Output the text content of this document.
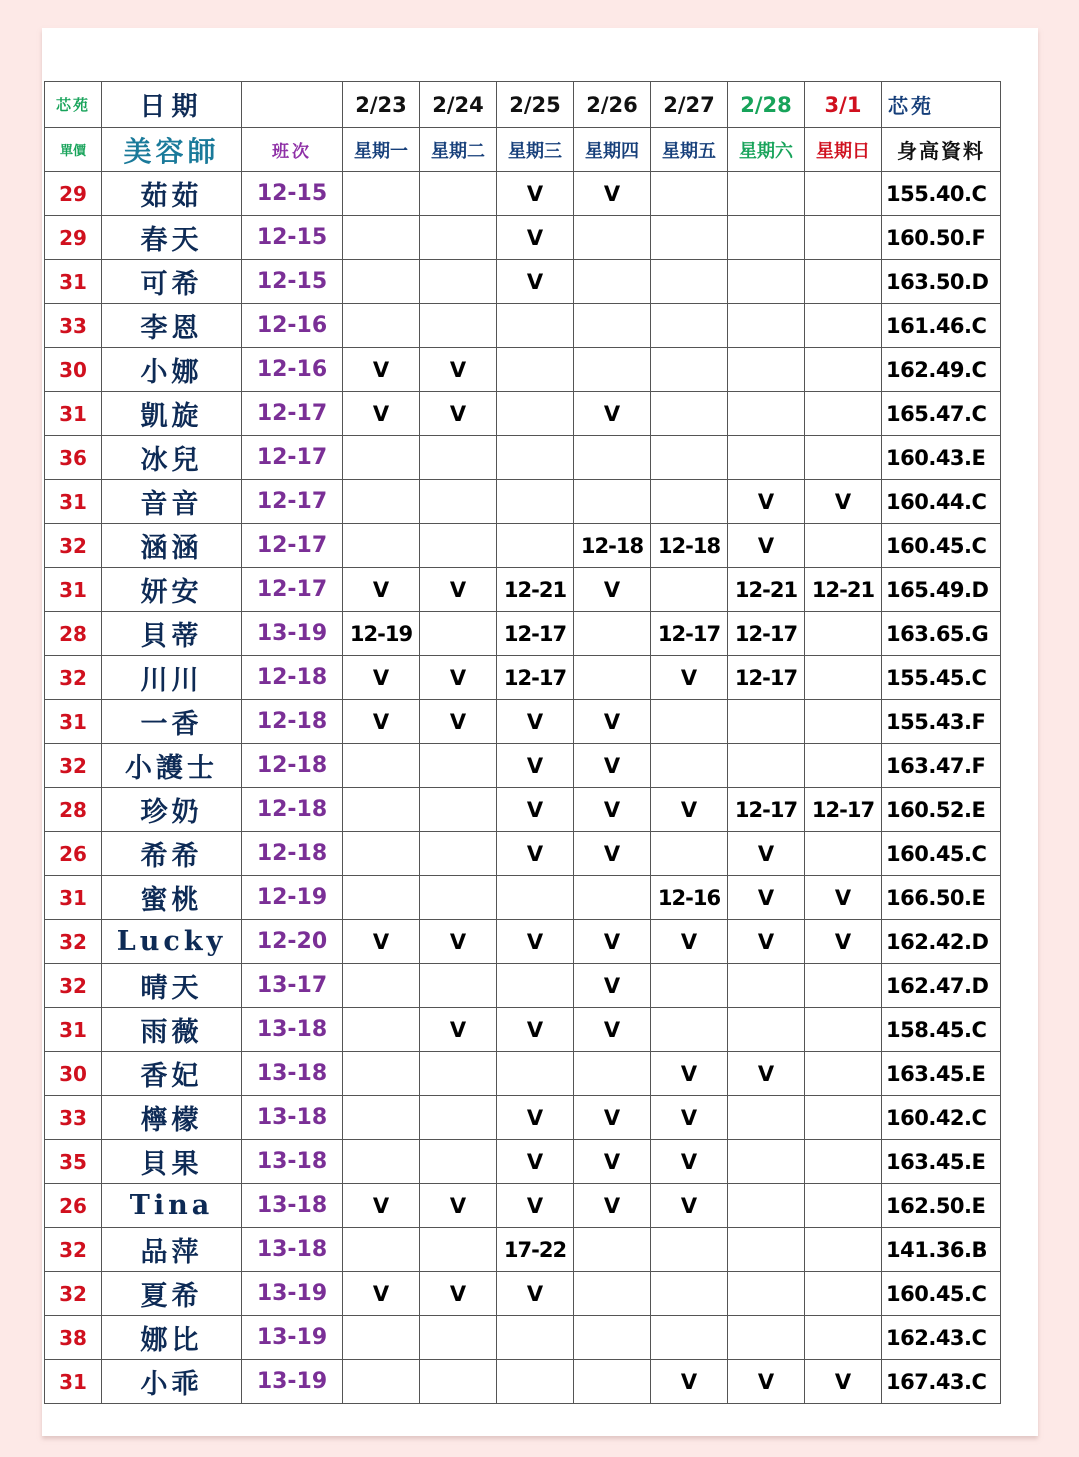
芯苑	日期		2/23	2/24	2/25	2/26	2/27	2/28	3/1	芯苑
單價	美容師	班次	星期一	星期二	星期三	星期四	星期五	星期六	星期日	身高資料
29	茹茹	12-15			V	V				155.40.C
29	春天	12-15			V					160.50.F
31	可希	12-15			V					163.50.D
33	李恩	12-16								161.46.C
30	小娜	12-16	V	V						162.49.C
31	凱旋	12-17	V	V		V				165.47.C
36	冰兒	12-17								160.43.E
31	音音	12-17						V	V	160.44.C
32	涵涵	12-17				12-18	12-18	V		160.45.C
31	妍安	12-17	V	V	12-21	V		12-21	12-21	165.49.D
28	貝蒂	13-19	12-19		12-17		12-17	12-17		163.65.G
32	川川	12-18	V	V	12-17		V	12-17		155.45.C
31	一香	12-18	V	V	V	V				155.43.F
32	小護士	12-18			V	V				163.47.F
28	珍奶	12-18			V	V	V	12-17	12-17	160.52.E
26	希希	12-18			V	V		V		160.45.C
31	蜜桃	12-19					12-16	V	V	166.50.E
32	Lucky	12-20	V	V	V	V	V	V	V	162.42.D
32	晴天	13-17				V				162.47.D
31	雨薇	13-18		V	V	V				158.45.C
30	香妃	13-18					V	V		163.45.E
33	檸檬	13-18			V	V	V			160.42.C
35	貝果	13-18			V	V	V			163.45.E
26	Tina	13-18	V	V	V	V	V			162.50.E
32	品萍	13-18			17-22					141.36.B
32	夏希	13-19	V	V	V					160.45.C
38	娜比	13-19								162.43.C
31	小乖	13-19					V	V	V	167.43.C
